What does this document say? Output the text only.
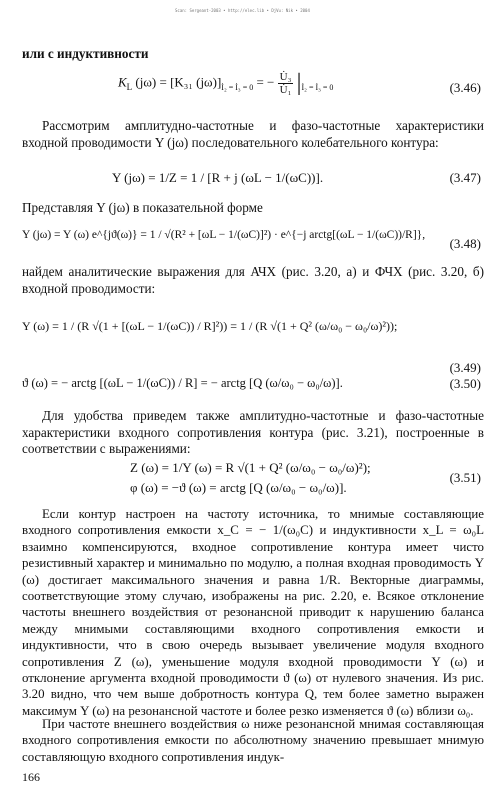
Scan: Sergeant-2003 • http://elec.lib • DjVu: Nik • 2004
или с индуктивности
$K_L$ (jω) = [K₃₁ $(j\omega)]_{İ_2 = İ_3 = 0}$ = − $\frac{\text{U̇₃}}{\text{U̇₁}} |_{İ_2 = İ_3 = 0}$	(3.46)
Рассмотрим амплитудно-частотные и фазо-частотные характеристики входной проводимости Y (jω) последовательного колебательного контура:
Y (jω) = 1/Z = 1 / [R + j (ωL − 1/(ωC))].	(3.47)
Представляя Y (jω) в показательной форме
Y (jω) = Y (ω) e^{jϑ(ω)} = 1 / √(R² + [ωL − 1/(ωC)]²) · e^{−j arctg[(ωL − 1/(ωC))/R]},
(3.48)
найдем аналитические выражения для АЧХ (рис. 3.20, а) и ФЧХ (рис. 3.20, б) входной проводимости:
Y (ω) = 1 / (R √(1 + [(ωL − 1/(ωC)) / R]²)) = 1 / (R √(1 + Q² (ω/ω₀ − ω₀/ω)²));
(3.49)
ϑ (ω) = − arctg [(ωL − 1/(ωC)) / R] = − arctg [Q (ω/ω₀ − ω₀/ω)].	(3.50)
Для удобства приведем также амплитудно-частотные и фазо-частотные характеристики входного сопротивления контура (рис. 3.21), построенные в соответствии с выражениями:
Z (ω) = 1/Y (ω) = R √(1 + Q² (ω/ω₀ − ω₀/ω)²);
φ (ω) = −ϑ (ω) = arctg [Q (ω/ω₀ − ω₀/ω)].
(3.51)
Если контур настроен на частоту источника, то мнимые составляющие входного сопротивления емкости x_C = − 1/(ω₀C) и индуктивности x_L = ω₀L взаимно компенсируются, входное сопротивление контура имеет чисто резистивный характер и минимально по модулю, а полная входная проводимость Y (ω) достигает максимального значения и равна 1/R. Векторные диаграммы, соответствующие этому случаю, изображены на рис. 2.20, е. Всякое отклонение частоты внешнего воздействия от резонансной приводит к нарушению баланса между мнимыми составляющими входного сопротивления емкости и индуктивности, что в свою очередь вызывает увеличение модуля входного сопротивления Z (ω), уменьшение модуля входной проводимости Y (ω) и отклонение аргумента входной проводимости ϑ (ω) от нулевого значения. Из рис. 3.20 видно, что чем выше добротность контура Q, тем более заметно выражен максимум Y (ω) на резонансной частоте и более резко изменяется ϑ (ω) вблизи ω₀.
При частоте внешнего воздействия ω ниже резонансной мнимая составляющая входного сопротивления емкости по абсолютному значению превышает мнимую составляющую входного сопротивления индук-
166
